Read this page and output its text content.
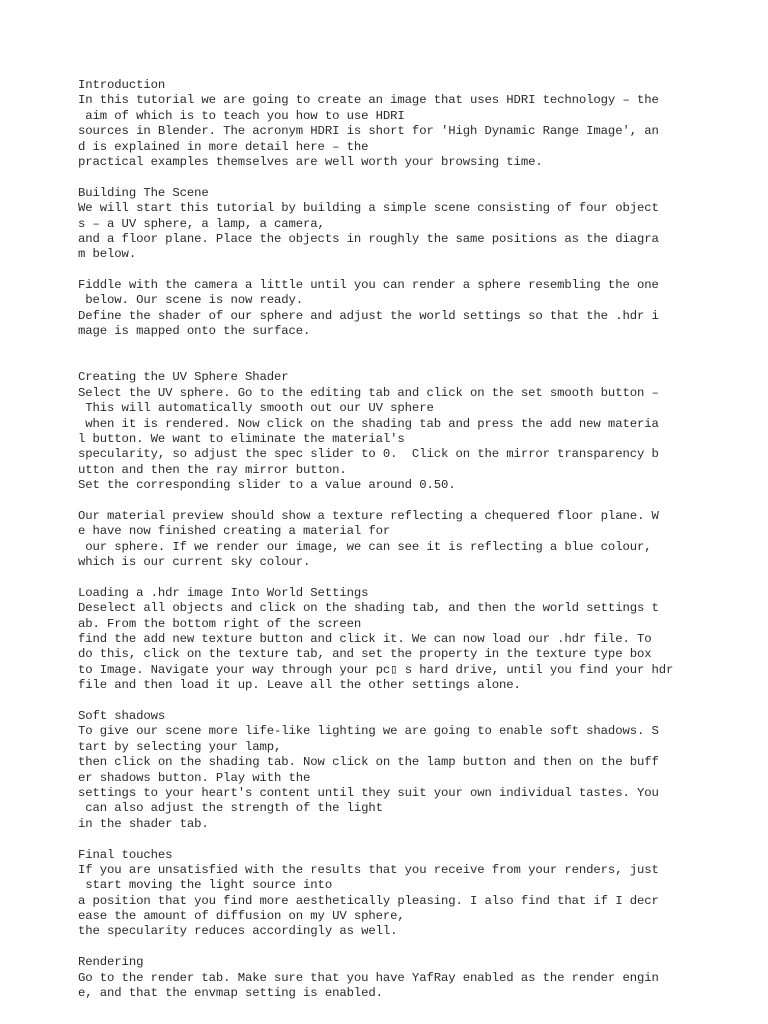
Introduction
In this tutorial we are going to create an image that uses HDRI technology – the
aim of which is to teach you how to use HDRI
sources in Blender. The acronym HDRI is short for 'High Dynamic Range Image', an
d is explained in more detail here – the
practical examples themselves are well worth your browsing time.
Building The Scene
We will start this tutorial by building a simple scene consisting of four object
s – a UV sphere, a lamp, a camera,
and a floor plane. Place the objects in roughly the same positions as the diagra
m below.
Fiddle with the camera a little until you can render a sphere resembling the one
below. Our scene is now ready.
Define the shader of our sphere and adjust the world settings so that the .hdr i
mage is mapped onto the surface.
Creating the UV Sphere Shader
Select the UV sphere. Go to the editing tab and click on the set smooth button –
This will automatically smooth out our UV sphere
when it is rendered. Now click on the shading tab and press the add new materia
l button. We want to eliminate the material's
specularity, so adjust the spec slider to 0.  Click on the mirror transparency b
utton and then the ray mirror button.
Set the corresponding slider to a value around 0.50.
Our material preview should show a texture reflecting a chequered floor plane. W
e have now finished creating a material for
our sphere. If we render our image, we can see it is reflecting a blue colour,
which is our current sky colour.
Loading a .hdr image Into World Settings
Deselect all objects and click on the shading tab, and then the world settings t
ab. From the bottom right of the screen
find the add new texture button and click it. We can now load our .hdr file. To
do this, click on the texture tab, and set the property in the texture type box
to Image. Navigate your way through your pc▯ s hard drive, until you find your hdr
file and then load it up. Leave all the other settings alone.
Soft shadows
To give our scene more life-like lighting we are going to enable soft shadows. S
tart by selecting your lamp,
then click on the shading tab. Now click on the lamp button and then on the buff
er shadows button. Play with the
settings to your heart's content until they suit your own individual tastes. You
can also adjust the strength of the light
in the shader tab.
Final touches
If you are unsatisfied with the results that you receive from your renders, just
start moving the light source into
a position that you find more aesthetically pleasing. I also find that if I decr
ease the amount of diffusion on my UV sphere,
the specularity reduces accordingly as well.
Rendering
Go to the render tab. Make sure that you have YafRay enabled as the render engin
e, and that the envmap setting is enabled.
